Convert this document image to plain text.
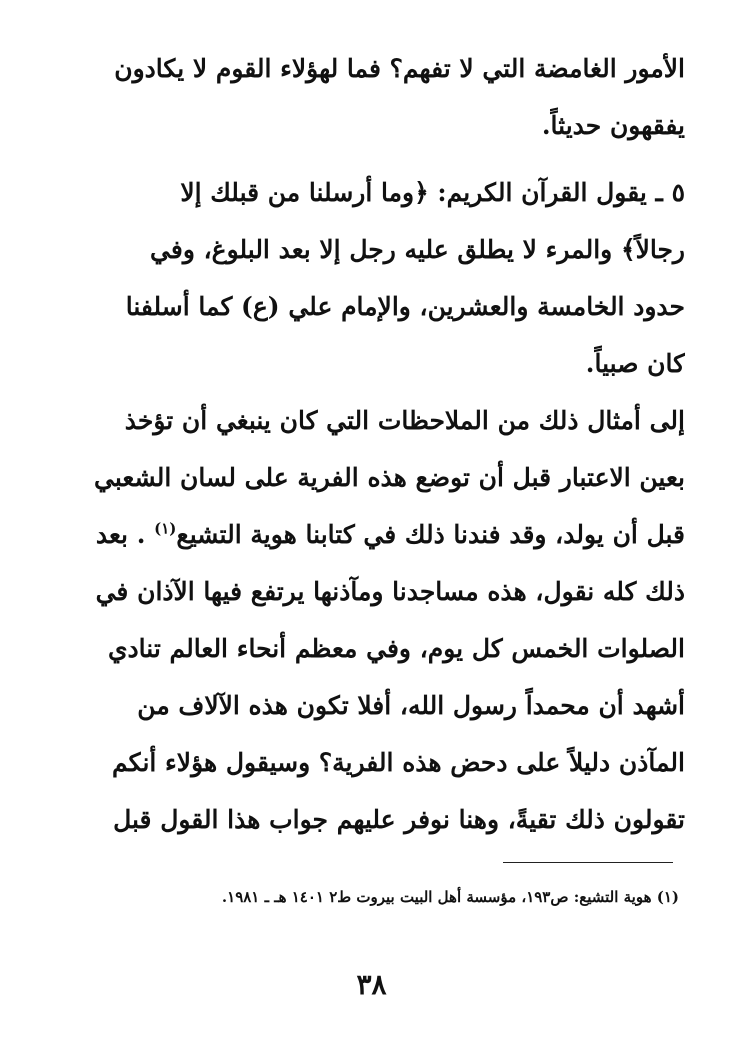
الأمور الغامضة التي لا تفهم؟ فما لهؤلاء القوم لا يكادون
يفقهون حديثاً.

٥ ـ يقول القرآن الكريم: ﴿وما أرسلنا من قبلك إلا
رجالاً﴾ والمرء لا يطلق عليه رجل إلا بعد البلوغ، وفي
حدود الخامسة والعشرين، والإمام علي (ع) كما أسلفنا
كان صبياً.

إلى أمثال ذلك من الملاحظات التي كان ينبغي أن تؤخذ
بعين الاعتبار قبل أن توضع هذه الفرية على لسان الشعبي
قبل أن يولد، وقد فندنا ذلك في كتابنا هوية التشيع$^{(١)}$ . بعد
ذلك كله نقول، هذه مساجدنا ومآذنها يرتفع فيها الآذان في
الصلوات الخمس كل يوم، وفي معظم أنحاء العالم تنادي
أشهد أن محمداً رسول الله، أفلا تكون هذه الآلاف من
المآذن دليلاً على دحض هذه الفرية؟ وسيقول هؤلاء أنكم
تقولون ذلك تقيةً، وهنا نوفر عليهم جواب هذا القول قبل

(١) هوية التشيع: ص١٩٣، مؤسسة أهل البيت بيروت ط٢ ١٤٠١ هـ ـ ١٩٨١.

٣٨
